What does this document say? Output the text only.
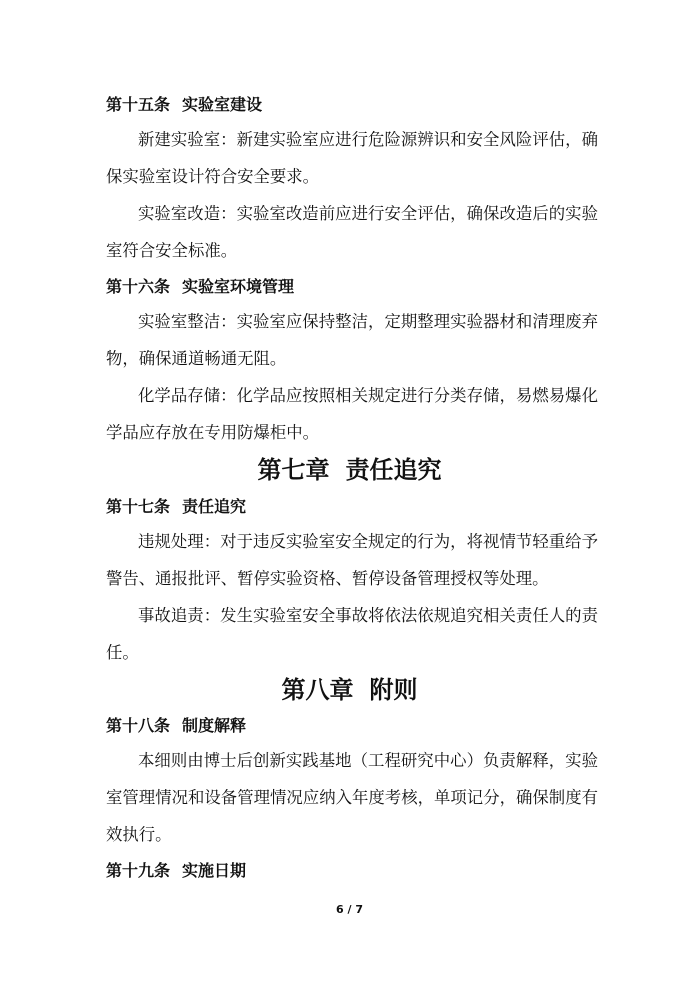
第十五条 实验室建设
新建实验室：新建实验室应进行危险源辨识和安全风险评估，确保实验室设计符合安全要求。
实验室改造：实验室改造前应进行安全评估，确保改造后的实验室符合安全标准。
第十六条 实验室环境管理
实验室整洁：实验室应保持整洁，定期整理实验器材和清理废弃物，确保通道畅通无阻。
化学品存储：化学品应按照相关规定进行分类存储，易燃易爆化学品应存放在专用防爆柜中。
第七章 责任追究
第十七条 责任追究
违规处理：对于违反实验室安全规定的行为，将视情节轻重给予警告、通报批评、暂停实验资格、暂停设备管理授权等处理。
事故追责：发生实验室安全事故将依法依规追究相关责任人的责任。
第八章 附则
第十八条 制度解释
本细则由博士后创新实践基地（工程研究中心）负责解释，实验室管理情况和设备管理情况应纳入年度考核，单项记分，确保制度有效执行。
第十九条 实施日期
6 / 7
